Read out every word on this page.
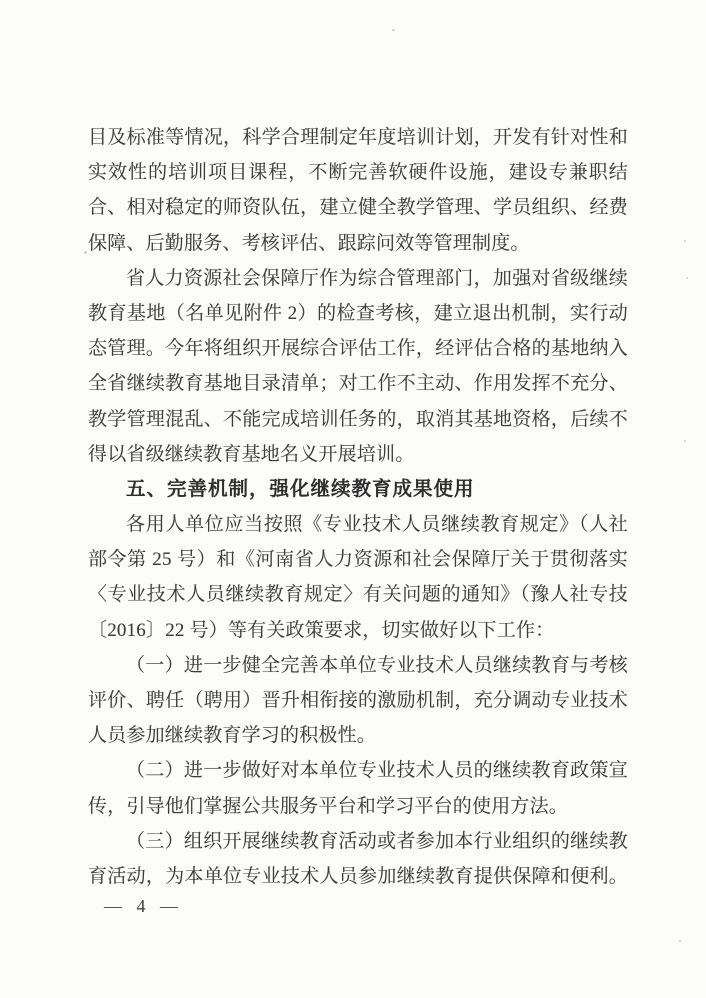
目及标准等情况，科学合理制定年度培训计划，开发有针对性和
实效性的培训项目课程，不断完善软硬件设施，建设专兼职结
合、相对稳定的师资队伍，建立健全教学管理、学员组织、经费
保障、后勤服务、考核评估、跟踪问效等管理制度。
省人力资源社会保障厅作为综合管理部门，加强对省级继续
教育基地（名单见附件 2）的检查考核，建立退出机制，实行动
态管理。今年将组织开展综合评估工作，经评估合格的基地纳入
全省继续教育基地目录清单；对工作不主动、作用发挥不充分、
教学管理混乱、不能完成培训任务的，取消其基地资格，后续不
得以省级继续教育基地名义开展培训。
五、完善机制，强化继续教育成果使用
各用人单位应当按照《专业技术人员继续教育规定》（人社
部令第 25 号）和《河南省人力资源和社会保障厅关于贯彻落实
〈专业技术人员继续教育规定〉有关问题的通知》（豫人社专技
〔2016〕22 号）等有关政策要求，切实做好以下工作：
（一）进一步健全完善本单位专业技术人员继续教育与考核
评价、聘任（聘用）晋升相衔接的激励机制，充分调动专业技术
人员参加继续教育学习的积极性。
（二）进一步做好对本单位专业技术人员的继续教育政策宣
传，引导他们掌握公共服务平台和学习平台的使用方法。
（三）组织开展继续教育活动或者参加本行业组织的继续教
育活动，为本单位专业技术人员参加继续教育提供保障和便利。
— 4 —
